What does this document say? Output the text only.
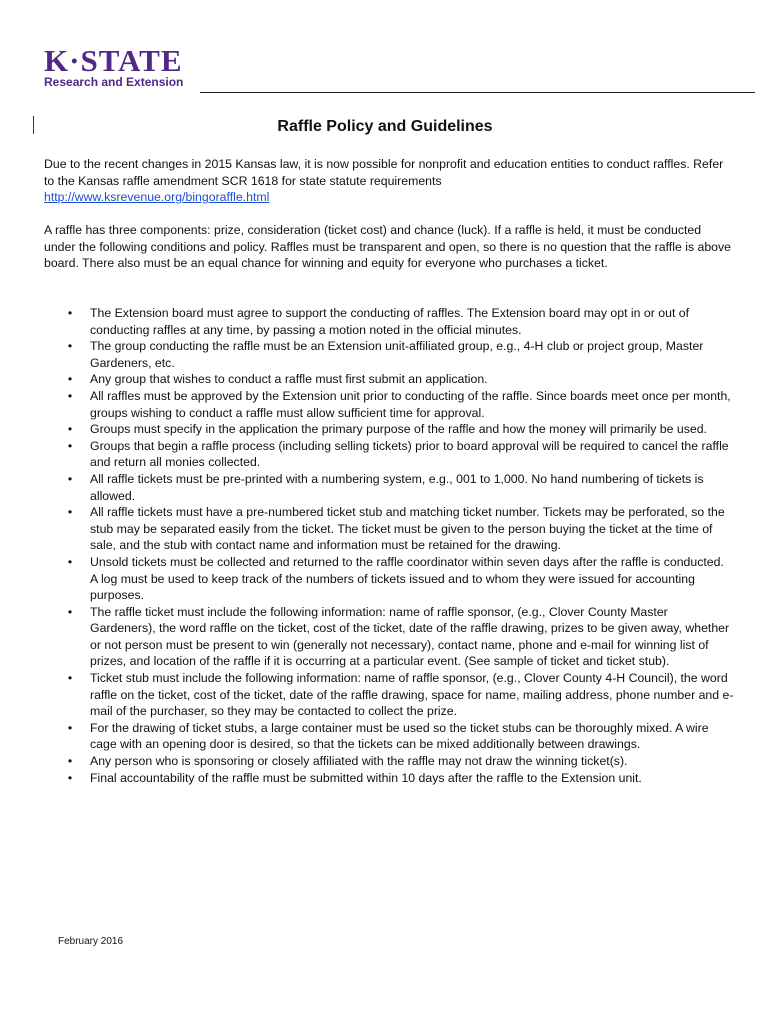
K·STATE
Research and Extension
Raffle Policy and Guidelines

Due to the recent changes in 2015 Kansas law, it is now possible for nonprofit and education entities to conduct raffles. Refer to the Kansas raffle amendment SCR 1618 for state statute requirements
http://www.ksrevenue.org/bingoraffle.html

A raffle has three components: prize, consideration (ticket cost) and chance (luck). If a raffle is held, it must be conducted under the following conditions and policy. Raffles must be transparent and open, so there is no question that the raffle is above board. There also must be an equal chance for winning and equity for everyone who purchases a ticket.

•	The Extension board must agree to support the conducting of raffles. The Extension board may opt in or out of conducting raffles at any time, by passing a motion noted in the official minutes.
•	The group conducting the raffle must be an Extension unit-affiliated group, e.g., 4-H club or project group, Master Gardeners, etc.
•	Any group that wishes to conduct a raffle must first submit an application.
•	All raffles must be approved by the Extension unit prior to conducting of the raffle. Since boards meet once per month, groups wishing to conduct a raffle must allow sufficient time for approval.
•	Groups must specify in the application the primary purpose of the raffle and how the money will primarily be used.
•	Groups that begin a raffle process (including selling tickets) prior to board approval will be required to cancel the raffle and return all monies collected.
•	All raffle tickets must be pre-printed with a numbering system, e.g., 001 to 1,000. No hand numbering of tickets is allowed.
•	All raffle tickets must have a pre-numbered ticket stub and matching ticket number. Tickets may be perforated, so the stub may be separated easily from the ticket. The ticket must be given to the person buying the ticket at the time of sale, and the stub with contact name and information must be retained for the drawing.
•	Unsold tickets must be collected and returned to the raffle coordinator within seven days after the raffle is conducted. A log must be used to keep track of the numbers of tickets issued and to whom they were issued for accounting purposes.
•	The raffle ticket must include the following information: name of raffle sponsor, (e.g., Clover County Master Gardeners), the word raffle on the ticket, cost of the ticket, date of the raffle drawing, prizes to be given away, whether or not person must be present to win (generally not necessary), contact name, phone and e-mail for winning list of prizes, and location of the raffle if it is occurring at a particular event. (See sample of ticket and ticket stub).
•	Ticket stub must include the following information: name of raffle sponsor, (e.g., Clover County 4-H Council), the word raffle on the ticket, cost of the ticket, date of the raffle drawing, space for name, mailing address, phone number and e-mail of the purchaser, so they may be contacted to collect the prize.
•	For the drawing of ticket stubs, a large container must be used so the ticket stubs can be thoroughly mixed. A wire cage with an opening door is desired, so that the tickets can be mixed additionally between drawings.
•	Any person who is sponsoring or closely affiliated with the raffle may not draw the winning ticket(s).
•	Final accountability of the raffle must be submitted within 10 days after the raffle to the Extension unit.
February 2016
